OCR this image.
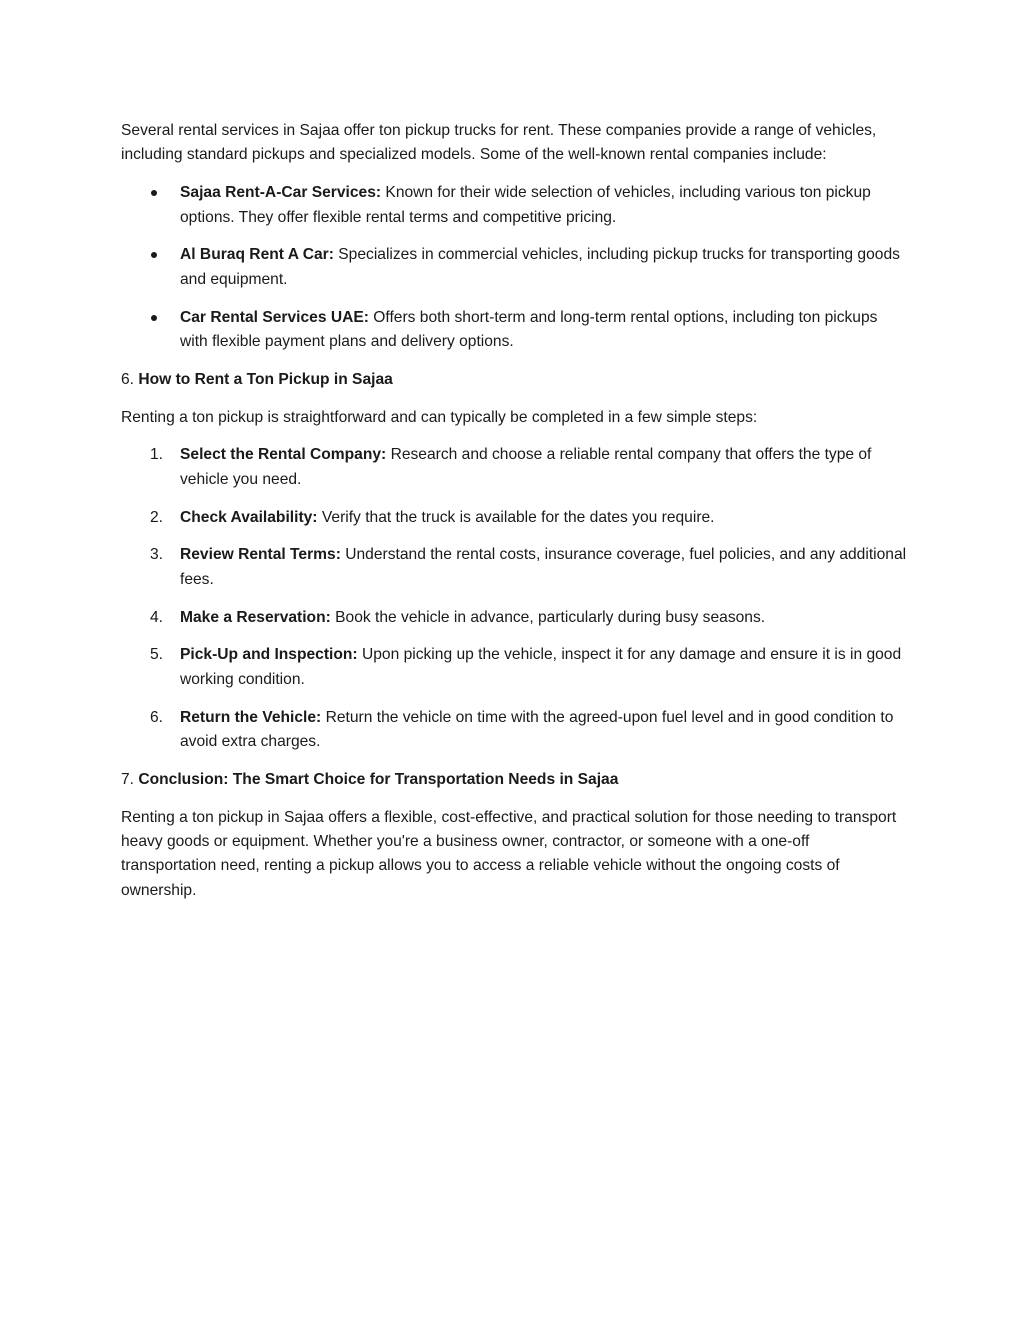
Several rental services in Sajaa offer ton pickup trucks for rent. These companies provide a range of vehicles, including standard pickups and specialized models. Some of the well-known rental companies include:

Sajaa Rent-A-Car Services: Known for their wide selection of vehicles, including various ton pickup options. They offer flexible rental terms and competitive pricing.
Al Buraq Rent A Car: Specializes in commercial vehicles, including pickup trucks for transporting goods and equipment.
Car Rental Services UAE: Offers both short-term and long-term rental options, including ton pickups with flexible payment plans and delivery options.

6. How to Rent a Ton Pickup in Sajaa

Renting a ton pickup is straightforward and can typically be completed in a few simple steps:

1. Select the Rental Company: Research and choose a reliable rental company that offers the type of vehicle you need.
2. Check Availability: Verify that the truck is available for the dates you require.
3. Review Rental Terms: Understand the rental costs, insurance coverage, fuel policies, and any additional fees.
4. Make a Reservation: Book the vehicle in advance, particularly during busy seasons.
5. Pick-Up and Inspection: Upon picking up the vehicle, inspect it for any damage and ensure it is in good working condition.
6. Return the Vehicle: Return the vehicle on time with the agreed-upon fuel level and in good condition to avoid extra charges.

7. Conclusion: The Smart Choice for Transportation Needs in Sajaa

Renting a ton pickup in Sajaa offers a flexible, cost-effective, and practical solution for those needing to transport heavy goods or equipment. Whether you're a business owner, contractor, or someone with a one-off transportation need, renting a pickup allows you to access a reliable vehicle without the ongoing costs of ownership.
